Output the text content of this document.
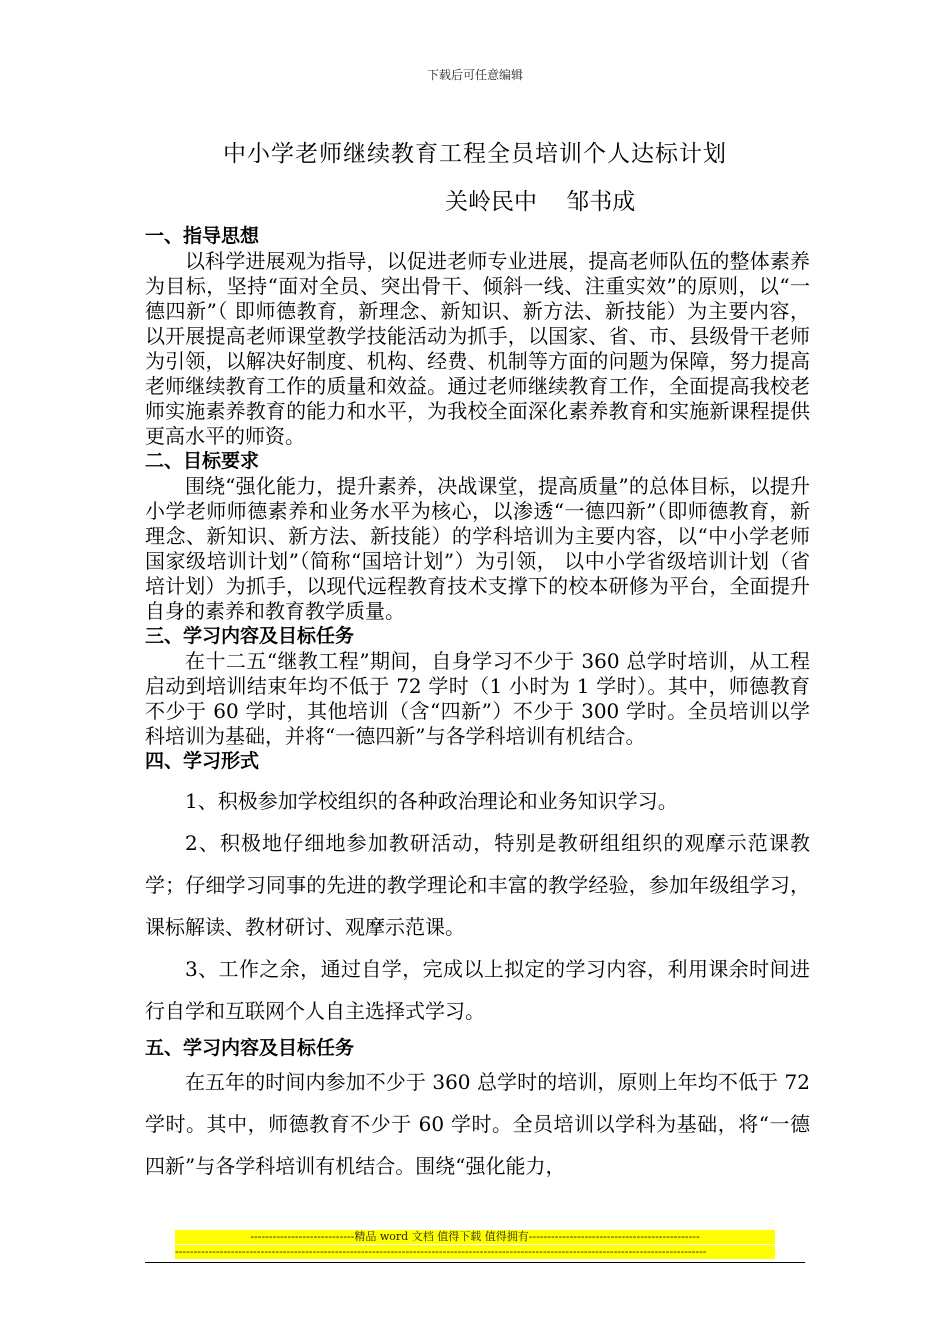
下载后可任意编辑
中小学老师继续教育工程全员培训个人达标计划
关岭民中    邹书成
一、指导思想

以科学进展观为指导，以促进老师专业进展，提高老师队伍的整体素养为目标，坚持“面对全员、突出骨干、倾斜一线、注重实效”的原则，以“一德四新”（ 即师德教育，新理念、新知识、新方法、新技能）为主要内容，以开展提高老师课堂教学技能活动为抓手，以国家、省、市、县级骨干老师为引领，以解决好制度、机构、经费、机制等方面的问题为保障，努力提高老师继续教育工作的质量和效益。通过老师继续教育工作，全面提高我校老师实施素养教育的能力和水平，为我校全面深化素养教育和实施新课程提供更高水平的师资。

二、目标要求

围绕“强化能力，提升素养，决战课堂，提高质量”的总体目标，以提升小学老师师德素养和业务水平为核心，以渗透“一德四新”（即师德教育，新理念、新知识、新方法、新技能）的学科培训为主要内容，以“中小学老师国家级培训计划”（简称“国培计划”）为引领， 以中小学省级培训计划（省培计划）为抓手，以现代远程教育技术支撑下的校本研修为平台，全面提升自身的素养和教育教学质量。

三、学习内容及目标任务

在十二五“继教工程”期间，自身学习不少于 360 总学时培训，从工程启动到培训结束年均不低于 72 学时（1 小时为 1 学时）。其中，师德教育不少于 60 学时，其他培训（含“四新”）不少于 300 学时。全员培训以学科培训为基础，并将“一德四新”与各学科培训有机结合。

四、学习形式

1、积极参加学校组织的各种政治理论和业务知识学习。

2、积极地仔细地参加教研活动，特别是教研组组织的观摩示范课教学；仔细学习同事的先进的教学理论和丰富的教学经验，参加年级组学习，课标解读、教材研讨、观摩示范课。

3、工作之余，通过自学，完成以上拟定的学习内容，利用课余时间进行自学和互联网个人自主选择式学习。

五、学习内容及目标任务

在五年的时间内参加不少于 360 总学时的培训，原则上年均不低于 72 学时。其中，师德教育不少于 60 学时。全员培训以学科为基础，将“一德四新”与各学科培训有机结合。围绕“强化能力，

----------------------------精品 word 文档 值得下载 值得拥有----------------------------------------------
-----------------------------------------------------------------------------------------------------------------------------------------------
